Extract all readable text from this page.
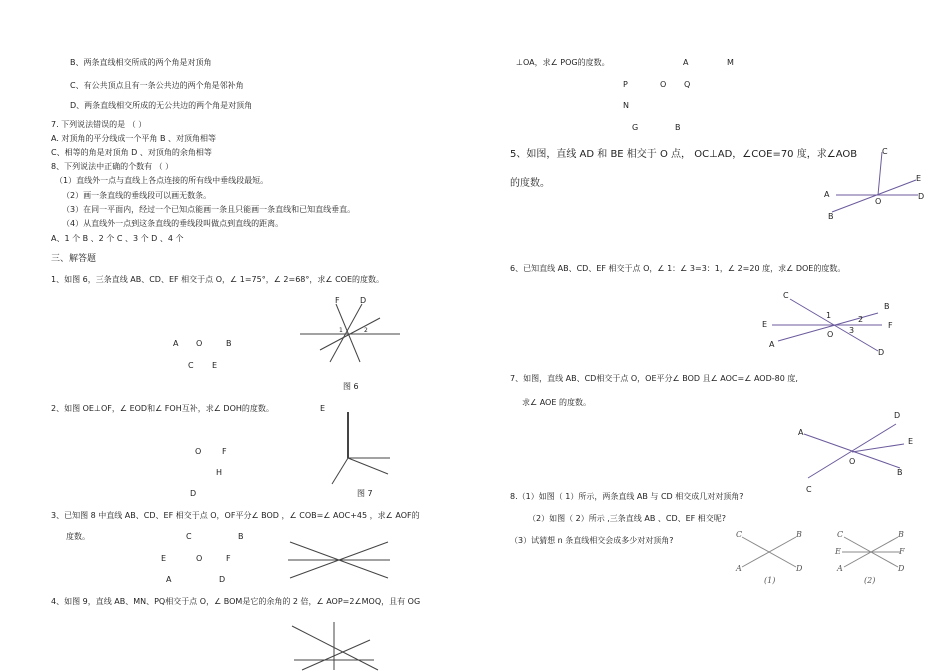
B、两条直线相交所成的两个角是对顶角
C、有公共顶点且有一条公共边的两个角是邻补角
D、两条直线相交所成的无公共边的两个角是对顶角
7. 下列说法错误的是 （ ）
A. 对顶角的平分线成一个平角 B 、对顶角相等
C、相等的角是对顶角 D 、对顶角的余角相等
8、下列说法中正确的个数有 （ ）
（1）直线外一点与直线上各点连接的所有线中垂线段最短。
（2）画一条直线的垂线段可以画无数条。
（3）在同一平面内，经过一个已知点能画一条且只能画一条直线和已知直线垂直。
（4）从直线外一点到这条直线的垂线段叫做点到直线的距离。
A、1 个 B 、2 个 C 、3 个 D 、4 个
三、解答题
1、如图 6，三条直线 AB、CD、EF 相交于点 O，∠ 1=75°，∠ 2=68°，求∠ COE的度数。
F	D
1	2
A O	B
C E
图 6
2、如图 OE⊥OF，∠ EOD和∠ FOH互补，求∠ DOH的度数。	E
O	F
H
D	图 7
3、已知图 8 中直线 AB、CD、EF 相交于点 O，OF平分∠ BOD ，∠ COB=∠ AOC+45 ，求∠ AOF的
度数。	C	B
E	O	F
A	D
4、如图 9，直线 AB、MN、PQ相交于点 O，∠ BOM是它的余角的 2 倍，∠ AOP=2∠MOQ，且有 OG
⊥OA，求∠ POG的度数。	A	M
P	O Q
N
G	B
5、如图，直线 AD 和 BE 相交于 O 点， OC⊥AD，∠COE=70 度，求∠AOB
的度数。
C
E
A	D
O
B
6、已知直线 AB、CD、EF 相交于点 O，∠ 1：∠ 3=3：1，∠ 2=20 度，求∠ DOE的度数。
C
B
1	2
E	F
O 3
A
D
7、如图，直线 AB、CD相交于点 O，OE平分∠ BOD 且∠ AOC=∠ AOD-80 度,
求∠ AOE 的度数。
D
A
E
O
B
C
8.（1）如图（ 1）所示，两条直线 AB 与 CD 相交成几对对顶角?
（2）如图（ 2）所示 ,三条直线 AB 、CD、EF 相交呢?
（3）试猜想 n 条直线相交会成多少对对顶角?
C	B
A	D
(1)
C	B
E	F
A	D
(2)
